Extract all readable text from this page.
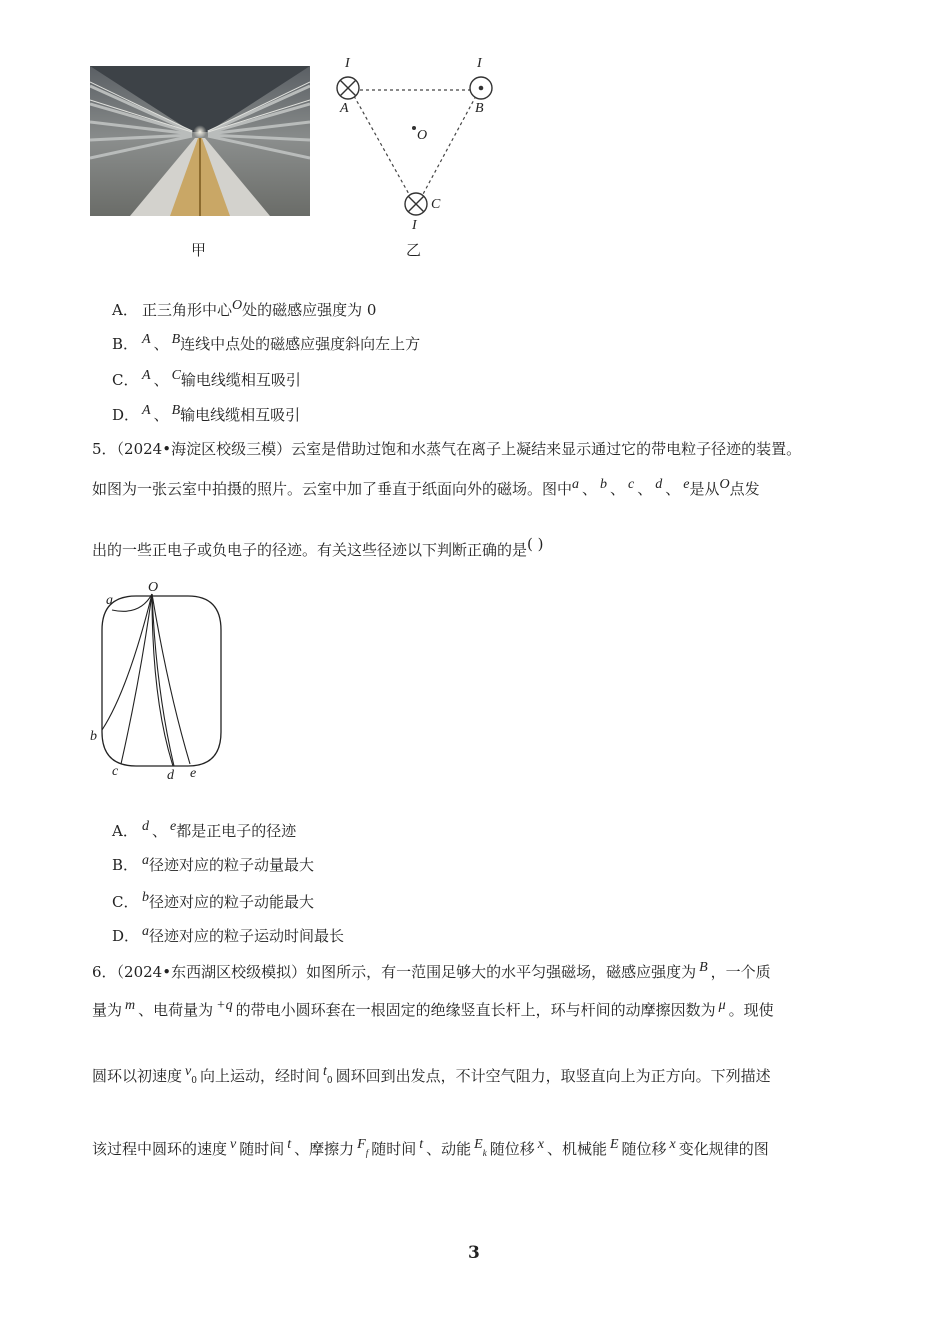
甲
I	I
I
A	B
C
O
乙
A． 正三角形中心O处的磁感应强度为 0
B． A 、 B连线中点处的磁感应强度斜向左上方
C． A 、 C输电线缆相互吸引
D． A 、 B输电线缆相互吸引
5．（2024•海淀区校级三模）云室是借助过饱和水蒸气在离子上凝结来显示通过它的带电粒子径迹的装置。
如图为一张云室中拍摄的照片。云室中加了垂直于纸面向外的磁场。图中a 、 b 、 c 、 d 、 e是从O点发
出的一些正电子或负电子的径迹。有关这些径迹以下判断正确的是( )
O
a
b
c	d e
A． d 、 e都是正电子的径迹
B． a径迹对应的粒子动量最大
C． b径迹对应的粒子动能最大
D． a径迹对应的粒子运动时间最长
6．（2024•东西湖区校级模拟）如图所示，有一范围足够大的水平匀强磁场，磁感应强度为 B ，一个质
量为 m 、电荷量为 +q 的带电小圆环套在一根固定的绝缘竖直长杆上，环与杆间的动摩擦因数为 μ 。现使
圆环以初速度 v0 向上运动，经时间 t0 圆环回到出发点，不计空气阻力，取竖直向上为正方向。下列描述
该过程中圆环的速度 v 随时间 t 、摩擦力 Ff 随时间 t 、动能 Ek 随位移 x 、机械能 E 随位移 x 变化规律的图
3
